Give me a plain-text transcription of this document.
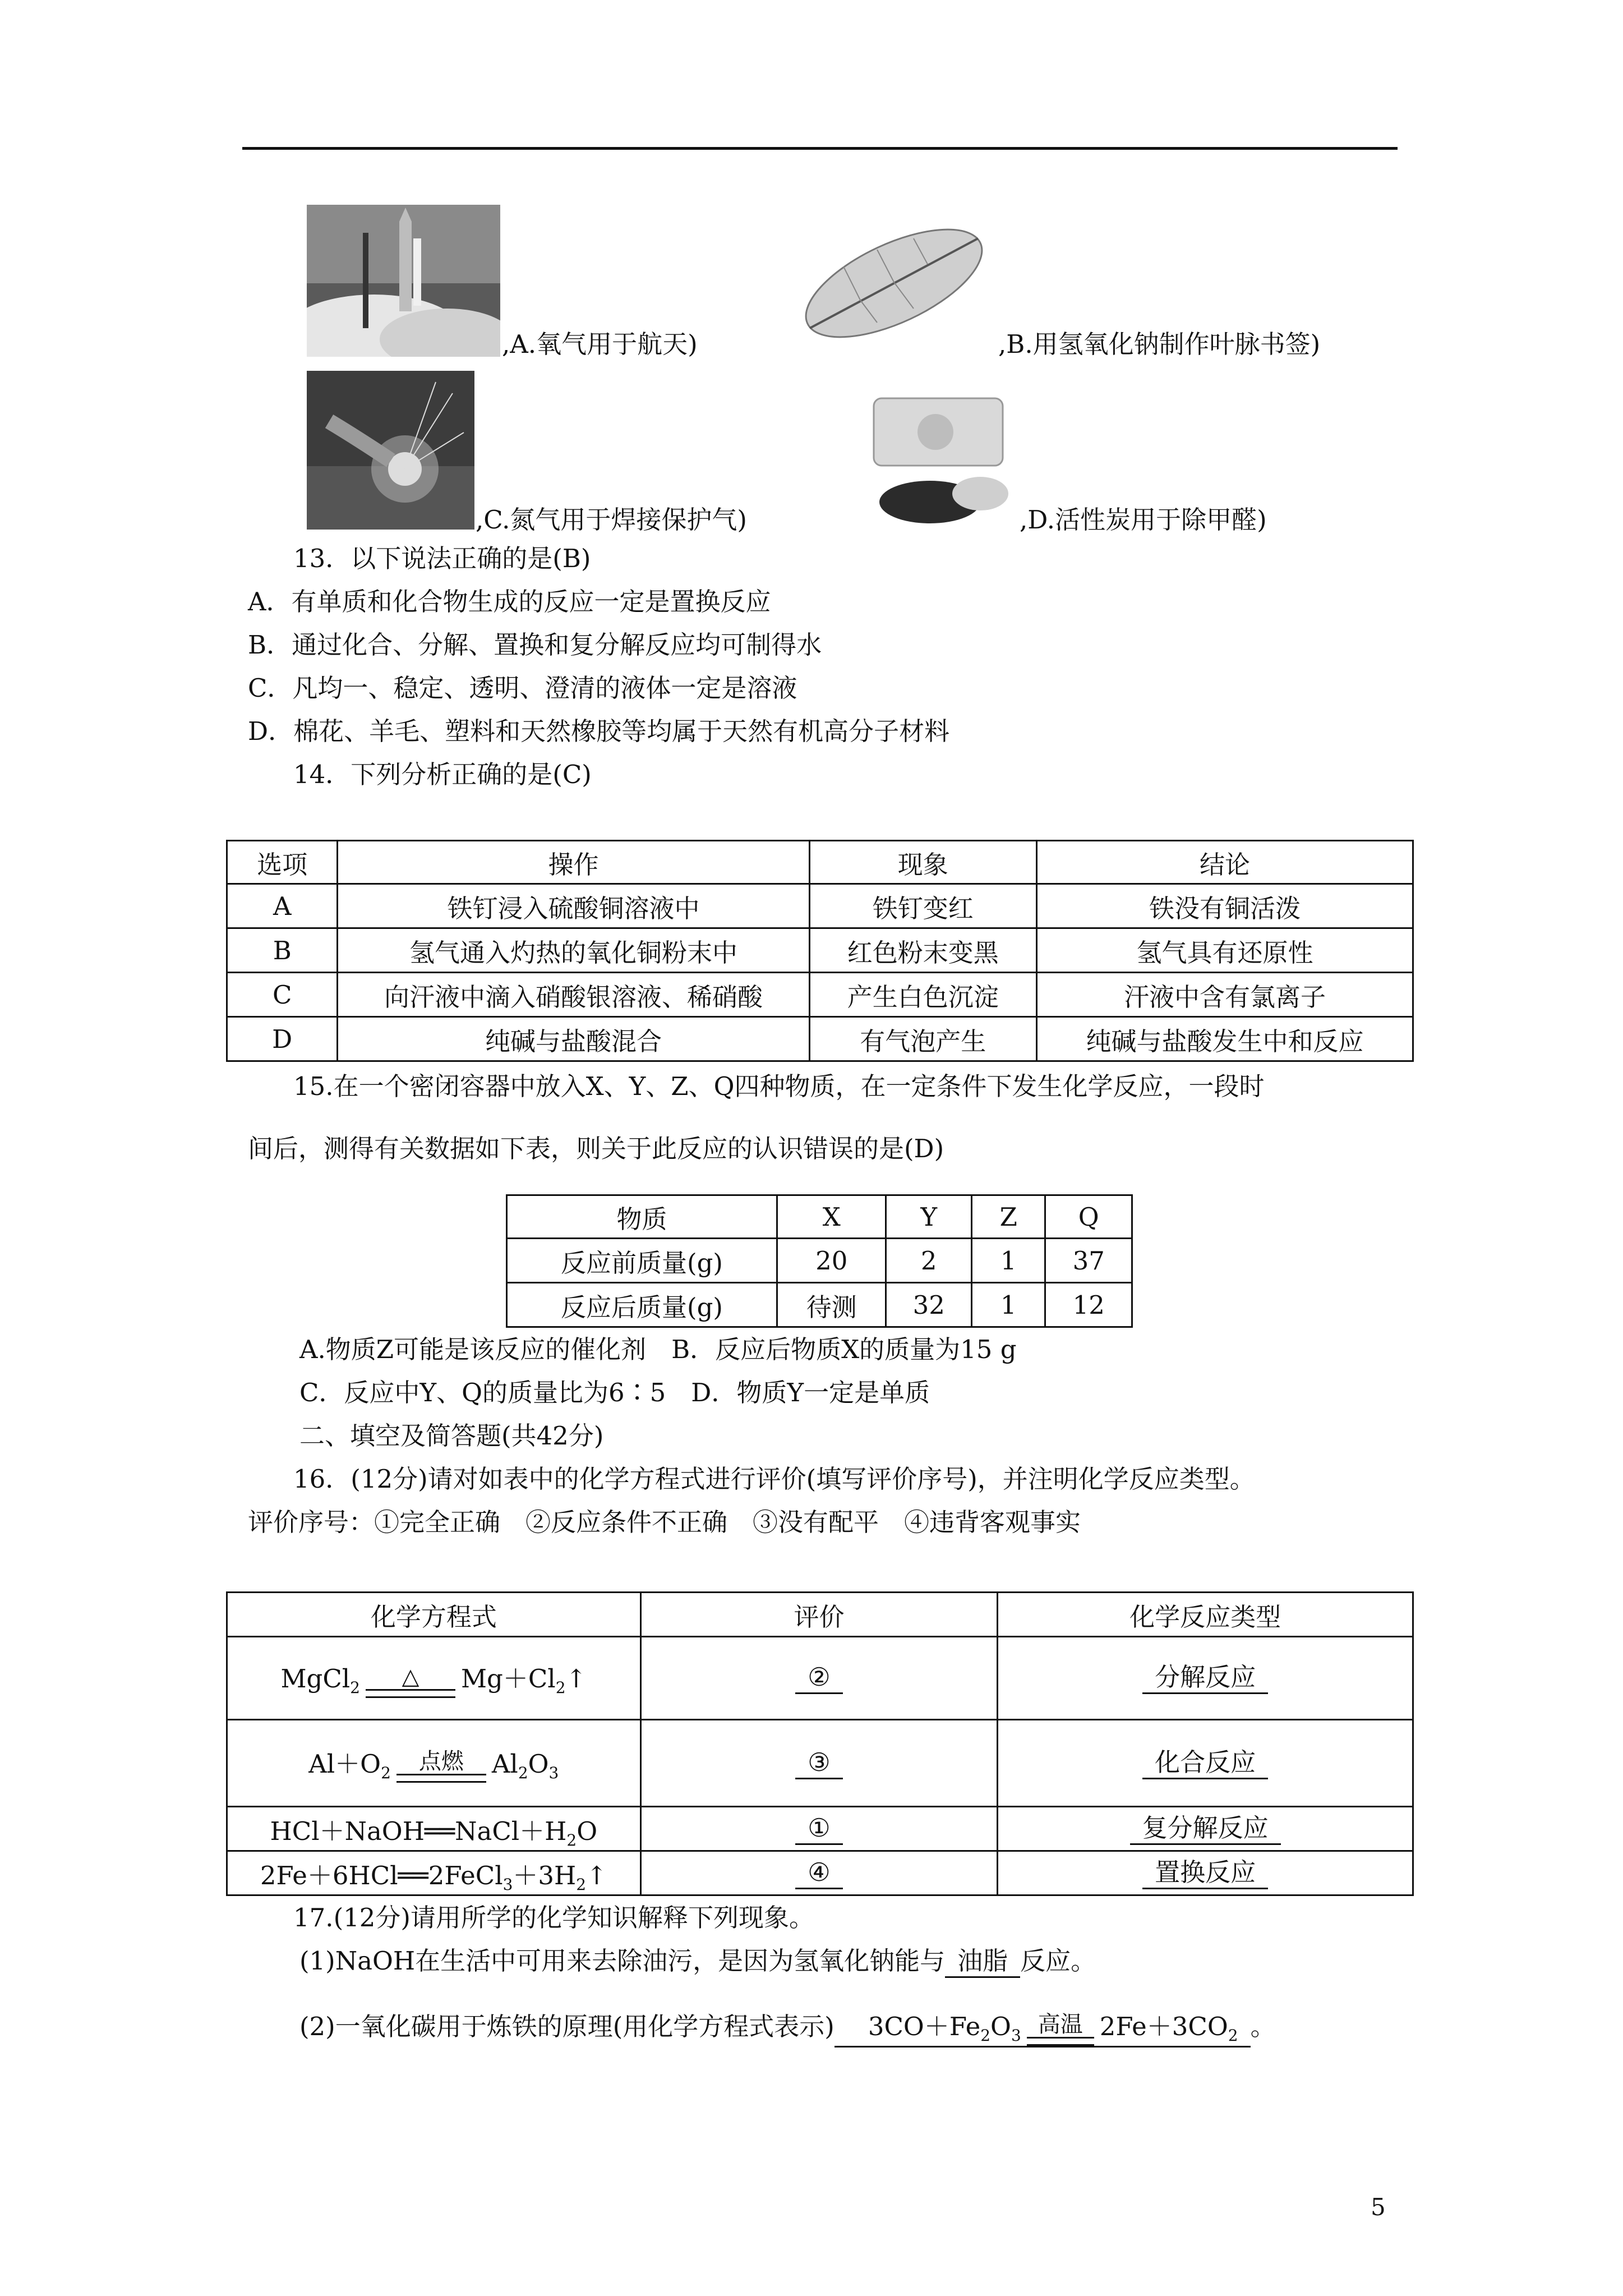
,A.氧气用于航天)	,B.用氢氧化钠制作叶脉书签)
,C.氮气用于焊接保护气)	,D.活性炭用于除甲醛)
13．以下说法正确的是(B)
A．有单质和化合物生成的反应一定是置换反应
B．通过化合、分解、置换和复分解反应均可制得水
C．凡均一、稳定、透明、澄清的液体一定是溶液
D．棉花、羊毛、塑料和天然橡胶等均属于天然有机高分子材料
14．下列分析正确的是(C)
选项	操作	现象	结论
A	铁钉浸入硫酸铜溶液中	铁钉变红	铁没有铜活泼
B	氢气通入灼热的氧化铜粉末中	红色粉末变黑	氢气具有还原性
C	向汗液中滴入硝酸银溶液、稀硝酸	产生白色沉淀	汗液中含有氯离子
D	纯碱与盐酸混合	有气泡产生	纯碱与盐酸发生中和反应
15.在一个密闭容器中放入X、Y、Z、Q四种物质，在一定条件下发生化学反应，一段时
间后，测得有关数据如下表，则关于此反应的认识错误的是(D)
物质	X	Y	Z	Q
反应前质量(g)	20	2	1	37
反应后质量(g)	待测	32	1	12
A.物质Z可能是该反应的催化剂　B．反应后物质X的质量为15 g
C．反应中Y、Q的质量比为6∶5　D．物质Y一定是单质
二、填空及简答题(共42分)
16．(12分)请对如表中的化学方程式进行评价(填写评价序号)，并注明化学反应类型。
评价序号：①完全正确　②反应条件不正确　③没有配平　④违背客观事实
化学方程式	评价	化学反应类型
MgCl$_2$ △ $Mg+Cl_2↑$	②	分解反应
$Al+O_2$ 点燃 $Al_2O_3$	③	化合反应
$HCl+NaOH══NaCl+H_2O$	①	复分解反应
$2Fe+6HCl══2FeCl_3+3H_2↑$	④	置换反应
17.(12分)请用所学的化学知识解释下列现象。
(1)NaOH在生活中可用来去除油污，是因为氢氧化钠能与 油脂 反应。
(2)一氧化碳用于炼铁的原理(用化学方程式表示) $3CO+Fe_2O_3$ 高温 $2Fe+3CO_2$ 。
5
